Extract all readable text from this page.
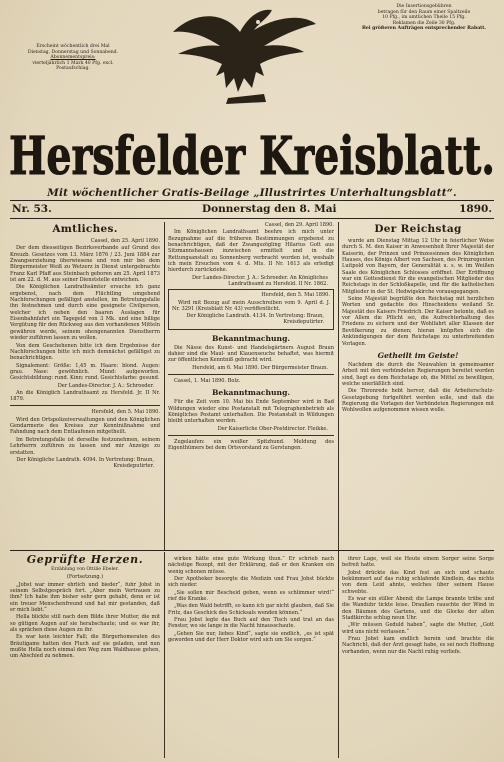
Erscheint wöchentlich drei Mal
Dienstag, Donnerstag und Sonnabend.
Abonnementspreis:
vierteljährlich 1 Mark 40 Pfg. excl.
Postaufschlag.
Die Insertionsgebühren
betragen für den Raum einer Spaltzeile
10 Pfg., im amtlichen Theile 15 Pfg.
Reklamen die Zeile 30 Pfg.
Bei größeren Aufträgen entsprechender Rabatt.
Hersfelder Kreisblatt.
Mit wöchentlicher Gratis-Beilage „Illustrirtes Unterhaltungsblatt“.
Nr. 53.	Donnerstag den 8. Mai	1890.
Amtliches.
Cassel, den 25. April 1890.
Der dem diesseitigen Bezirksverbande auf Grund des Kreuzb. Gesetzes vom 13. März 1876 / 23. Juni 1884 zur Zwangserziehung überwiesene und von mir bei dem Bürgermeister Weiß zu Wetzerz in Dienst untergebrachte Franz Karl Pfaff aus Steinbach geboren am 25. April 1873 ist am 22. d. M. aus seiner Dienststelle entwichen.
Die Königlichen Landrathsämter ersuche ich ganz ergebenst, nach dem Flüchtling umgehend Nachforschungen gefälligst anstellen, im Betretungsfalle ihn festnehmen und durch eine geeignete Civilperson, welcher ich neben den baaren Auslagen für Eisenbahnfahrt ein Tagegeld von 3 Mk. und eine billige Vergütung für den Rückweg aus den vorhandenen Mitteln gewähren werde, seinem ohengenannten Dienstherrn wieder zuführen lassen zu wollen.
Von dem Geschehenen bitte ich dem Ergebnisse der Nachforschungen bitte ich mich demnächst gefälligst zu benachrichtigen.
Signalement: Größe: 1,45 m. Haare: blond. Augen: grau. Nase: gewöhnlich. Mund: aufgeworfen. Gesichtsbildung: rund. Kinn: rund. Gesichtsfarbe: gesund.
Der Landes-Director. J. A.: Schroeder.
An die Königlich Landrathsamt zu Hersfeld. Jr. II Nr. 1879.
Hersfeld, den 5. Mai 1890.
Wird den Ortspolizeiverwaltungen und den Königlichen Gendarmerie des Kreises zur Kenntnißnahme und Fahndung nach dem Entlaufenen mitgetheilt.
Im Betretungsfalle ist derselbe festzunehmen, seinem Lehrherrn zuführen zu lassen und mir Anzeige zu erstatten.
Der Königliche Landrath. 4094. In Vertretung: Braun, Kreisdeputirter.
Cassel, den 29. April 1890.
Im Königlichen Landrathsamt beehre ich mich unter Bezugnahme auf die früheren Bestimmungen ergebenst zu benachrichtigen, daß der Zwangszögling Hilarius Gott aus Sitzmannshausen inzwischen ermittelt und in die Rettungsanstalt zu Sonnenberg verbracht worden ist, weshalb ich mein Ersuchen vom 4. d. Mts. II Nr. 1613 als erledigt hierdurch zurückziehe.
Der Landes-Director. J. A.: Schroeder. An Königliches Landrathsamt zu Hersfeld. II Nr. 1862.
Hersfeld, den 5. Mai 1890.
Wird mit Bezug auf mein Ausschreiben vom 9. April d. J. Nr. 3291 (Kreisblatt Nr. 43) veröffentlicht.
Der Königliche Landrath. 4134. In Vertretung: Braun, Kreisdeputirter.
Bekanntmachung.
Die Nässe des Kunst- und Handelsgärtners August Braun dahier sind die Maul- und Klauenseuche behaftet, was hiermit zur öffentlichen Kenntniß gebracht wird.
Hersfeld, am 6. Mai 1890. Der Bürgermeister Braun.
Cassel, 1. Mai 1890. Bolz.
Bekanntmachung.
Für die Zeit vom 10. Mai bis Ende September wird in Bad Wildungen wieder eine Postanstalt mit Telegraphenbetrieb als Königliches Postamt unterhalten. Die Postanstalt in Wildungen bleibt unterhalten werden.
Der Kaiserliche Ober-Postdirector. Fleikke.
Zugelaufen: ein weißer Spitzhund. Meldung des Eigenthümers bei dem Ortsvorstand zu Gerstungen.
Der Reichstag
wurde am Dienstag Mittag 12 Uhr in feierlicher Weise durch S. M. den Kaiser in Anwesenheit Ihrer Majestät der Kaiserin, der Prinzen und Prinzessinnen des Königlichen Hauses, des Königs Albert von Sachsen, des Prinzregenten Luitpold von Bayern, der Generalität u. s. w. im Weißen Saale des Königlichen Schlosses eröffnet. Der Eröffnung war ein Gottesdienst für die evangelischen Mitglieder des Reichstags in der Schloßkapelle, und für die katholischen Mitglieder in der St. Hedwigskirche vorausgegangen.
Seine Majestät begrüßte den Reichstag mit herzlichen Worten und gedachte des Hinscheidens weiland Sr. Majestät des Kaisers Friedrich. Der Kaiser betonte, daß es vor Allem die Pflicht sei, die Aufrechterhaltung des Friedens zu sichern und der Wohlfahrt aller Klassen der Bevölkerung zu dienen; hieran knüpften sich die Ankündigungen der dem Reichstage zu unterbreitenden Vorlagen.
Getheilt im Geiste!
Nachdem die durch die Neuwahlen in gemeinsamer Arbeit mit den verbündeten Regierungen bereitet worden sind, liegt es dem Reichstage ob, die Mittel zu bewilligen, welche unerläßlich sind.
Die Thronrede hebt hervor, daß die Arbeiterschutz-Gesetzgebung fortgeführt werden solle, und daß die Regierung die Vorlagen der Verbündeten Regierungen mit Wohlwollen aufgenommen wissen wolle.
Geprüfte Herzen.
Erzählung von Ottilie Ebeler.
(Fortsetzung.)
„Jobst war immer ehrlich und bieder“, fuhr Jobst in seinem Selbstgespräch fort. „Aber mein Vertrauen zu ihm? Ich habe ihm bisher sehr gern gehabt, denn er ist ein treuer Menschenfreund und hat mir gestanden, daß er mich liebt.“
Hella blickte still nach dem Bilde ihrer Mutter, die mit so gütigen Augen auf sie herabschaute; und es war ihr, als sprächen diese Augen zu ihr.
Es war kein leichter Fall; die Bürgerhomeraten des Bräutigams hatten den Fluch auf sie geladen, und nun mußte Hella noch einmal den Weg zum Waldhause gehen, um Abschied zu nehmen.
wirken hätte eine gute Wirkung thun.“ Er schrieb nach nächstige Rezept, mit der Erklärung, daß er den Kranken ein wenig schonen müsse.
Der Apotheker besorgte die Medizin und Frau Jobst bückte sich nieder.
„Sie sollen mir Bescheid geben, wenn es schlimmer wird!“ rief die Kranke.
„Was den Wald betrifft, so kann ich gar nicht glauben, daß Sie Fritz, das Geschick des Schicksals wenden können.“
Frau Jobst legte das Buch auf den Tisch und trat an das Fenster, wo sie lange in die Nacht hinausschaute.
„Gehen Sie nur, liebes Kind“, sagte sie endlich, „es ist spät geworden und der Herr Doktor wird sich um Sie sorgen.“
ihrer Lage, weil sie Heute einem Sorger seine Sorge befreit hatte.
Jobst drückte das Kind fest an sich und schaute bekümmert auf das ruhig schlafende Kindlein, das nichts von dem Leid ahnte, welches über seinem Hause schwebte.
Es war ein stiller Abend; die Lampe brannte trübe und die Wanduhr tickte leise. Draußen rauschte der Wind in den Bäumen des Gartens, und die Glocke der alten Stadtkirche schlug neun Uhr.
„Wir müssen Geduld haben“, sagte die Mutter, „Gott wird uns nicht verlassen.“
Frau Jobst kam endlich herein und brachte die Nachricht, daß der Arzt gesagt habe, es sei noch Hoffnung vorhanden, wenn nur die Nacht ruhig verliefe.
